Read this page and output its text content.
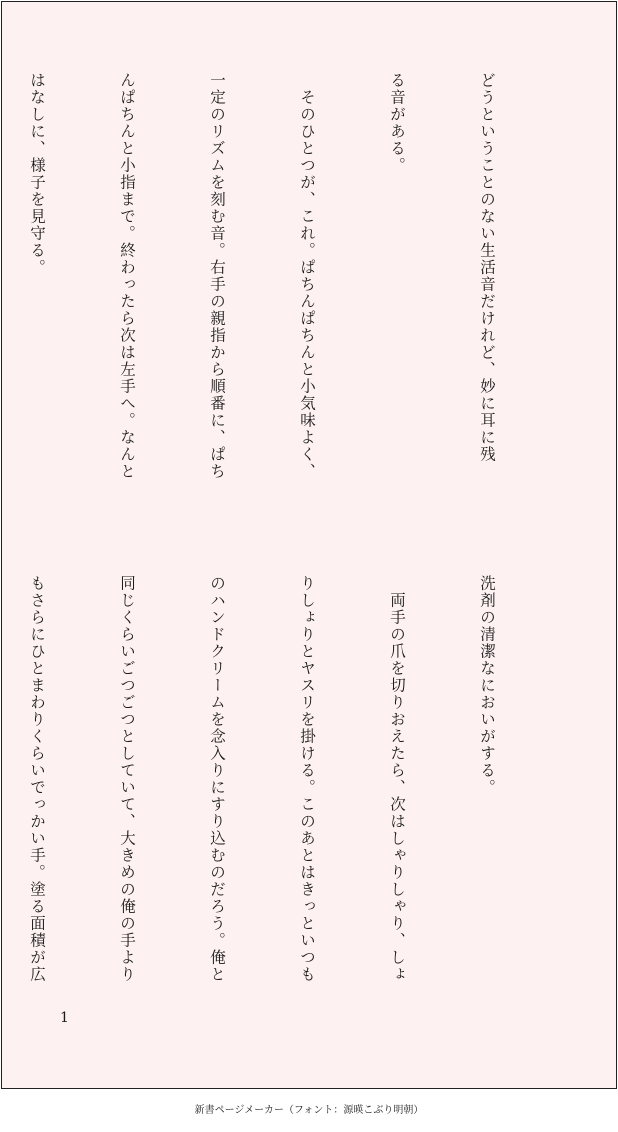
どうということのない生活音だけれど、妙に耳に残

る音がある。

　そのひとつが、これ。ぱちんぱちんと小気味よく、

一定のリズムを刻む音。右手の親指から順番に、ぱち

んぱちんと小指まで。終わったら次は左手へ。なんと

はなしに、様子を見守る。

洗剤の清潔なにおいがする。

　両手の爪を切りおえたら、次はしゃりしゃり、しょ

りしょりとヤスリを掛ける。このあとはきっといつも

のハンドクリームを念入りにすり込むのだろう。俺と

同じくらいごつごつとしていて、大きめの俺の手より

もさらにひとまわりくらいでっかい手。塗る面積が広

1
新書ページメーカー（フォント：源暎こぶり明朝）
